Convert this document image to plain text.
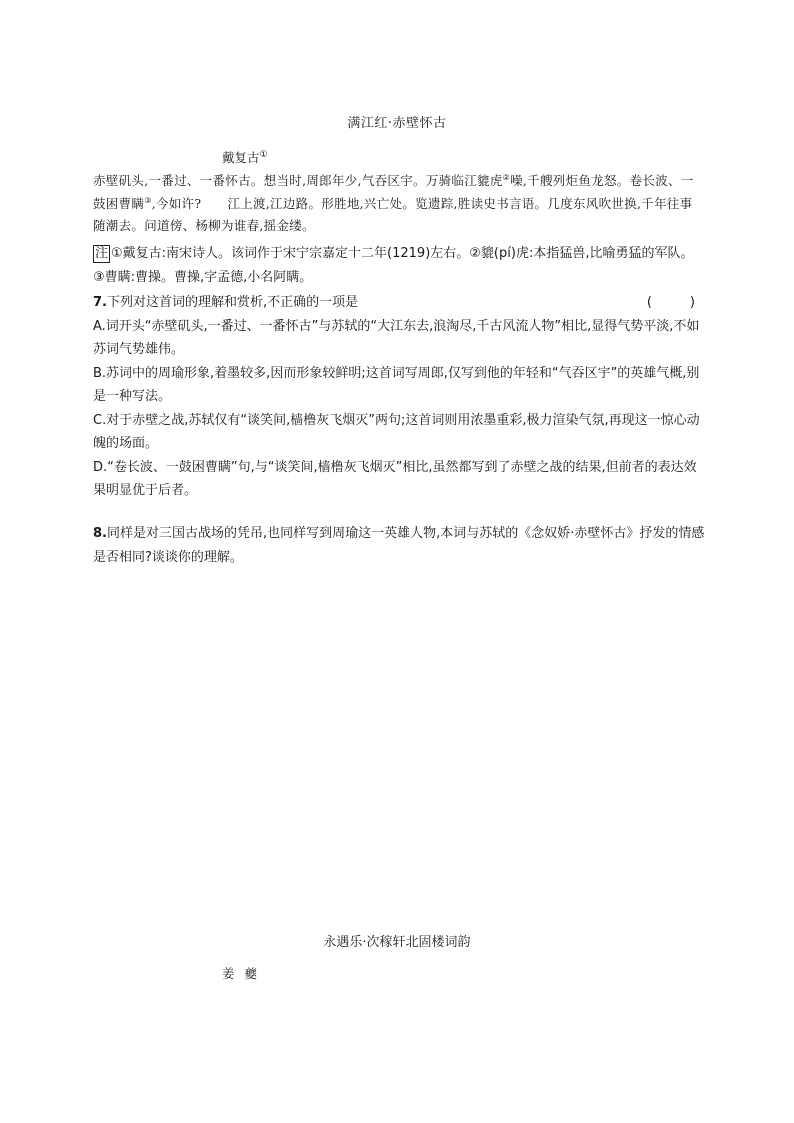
满江红·赤壁怀古
戴复古①
赤壁矶头,一番过、一番怀古。想当时,周郎年少,气吞区宇。万骑临江貔虎②噪,千艘列炬鱼龙怒。卷长波、一鼓困曹瞒③,今如许? 江上渡,江边路。形胜地,兴亡处。览遗踪,胜读史书言语。几度东风吹世换,千年往事随潮去。问道傍、杨柳为谁春,摇金缕。
注 ①戴复古:南宋诗人。该词作于宋宁宗嘉定十二年(1219)左右。②貔(pí)虎:本指猛兽,比喻勇猛的军队。③曹瞒:曹操。曹操,字孟德,小名阿瞒。
7.下列对这首词的理解和赏析,不正确的一项是	(　　)

A.词开头“赤壁矶头,一番过、一番怀古”与苏轼的“大江东去,浪淘尽,千古风流人物”相比,显得气势平淡,不如苏词气势雄伟。

B.苏词中的周瑜形象,着墨较多,因而形象较鲜明;这首词写周郎,仅写到他的年轻和“气吞区宇”的英雄气概,别是一种写法。

C.对于赤壁之战,苏轼仅有“谈笑间,樯橹灰飞烟灭”两句;这首词则用浓墨重彩,极力渲染气氛,再现这一惊心动魄的场面。

D.“卷长波、一鼓困曹瞒”句,与“谈笑间,樯橹灰飞烟灭”相比,虽然都写到了赤壁之战的结果,但前者的表达效果明显优于后者。

8.同样是对三国古战场的凭吊,也同样写到周瑜这一英雄人物,本词与苏轼的《念奴娇·赤壁怀古》抒发的情感是否相同?谈谈你的理解。
永遇乐·次稼轩北固楼词韵
姜夔
